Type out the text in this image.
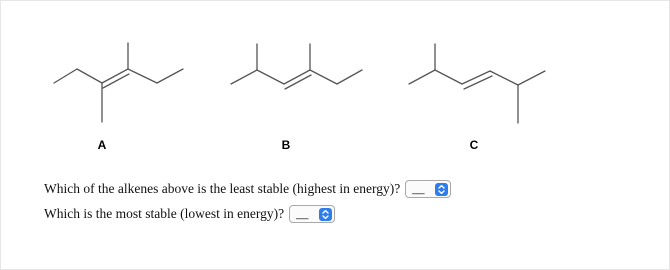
A	B	C
Which of the alkenes above is the least stable (highest in energy)? __
Which is the most stable (lowest in energy)? __
